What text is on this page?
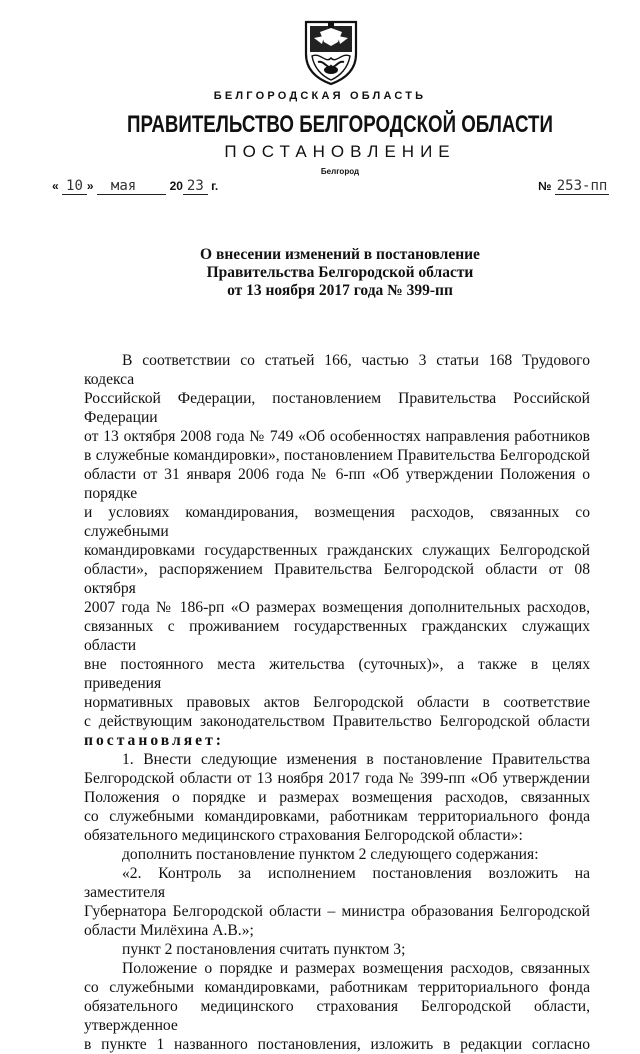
БЕЛГОРОДСКАЯ ОБЛАСТЬ
ПРАВИТЕЛЬСТВО БЕЛГОРОДСКОЙ ОБЛАСТИ
ПОСТАНОВЛЕНИЕ
Белгород
« 10 » мая	20 23 г.	№ 253-пп
О внесении изменений в постановление
Правительства Белгородской области
от 13 ноября 2017 года № 399-пп

В соответствии со статьей 166, частью 3 статьи 168 Трудового кодекса

Российской Федерации, постановлением Правительства Российской Федерации

от 13 октября 2008 года № 749 «Об особенностях направления работников

в служебные командировки», постановлением Правительства Белгородской

области от 31 января 2006 года № 6-пп «Об утверждении Положения о порядке

и условиях командирования, возмещения расходов, связанных со служебными

командировками государственных гражданских служащих Белгородской

области», распоряжением Правительства Белгородской области от 08 октября

2007 года № 186-рп «О размерах возмещения дополнительных расходов,

связанных с проживанием государственных гражданских служащих области

вне постоянного места жительства (суточных)», а также в целях приведения

нормативных правовых актов Белгородской области в соответствие

с действующим законодательством Правительство Белгородской области

постановляет:

1. Внести следующие изменения в постановление Правительства

Белгородской области от 13 ноября 2017 года № 399-пп «Об утверждении

Положения о порядке и размерах возмещения расходов, связанных

со служебными командировками, работникам территориального фонда

обязательного медицинского страхования Белгородской области»:

дополнить постановление пунктом 2 следующего содержания:

«2. Контроль за исполнением постановления возложить на заместителя

Губернатора Белгородской области – министра образования Белгородской

области Милёхина А.В.»;

пункт 2 постановления считать пунктом 3;

Положение о порядке и размерах возмещения расходов, связанных

со служебными командировками, работникам территориального фонда

обязательного медицинского страхования Белгородской области, утвержденное

в пункте 1 названного постановления, изложить в редакции согласно
